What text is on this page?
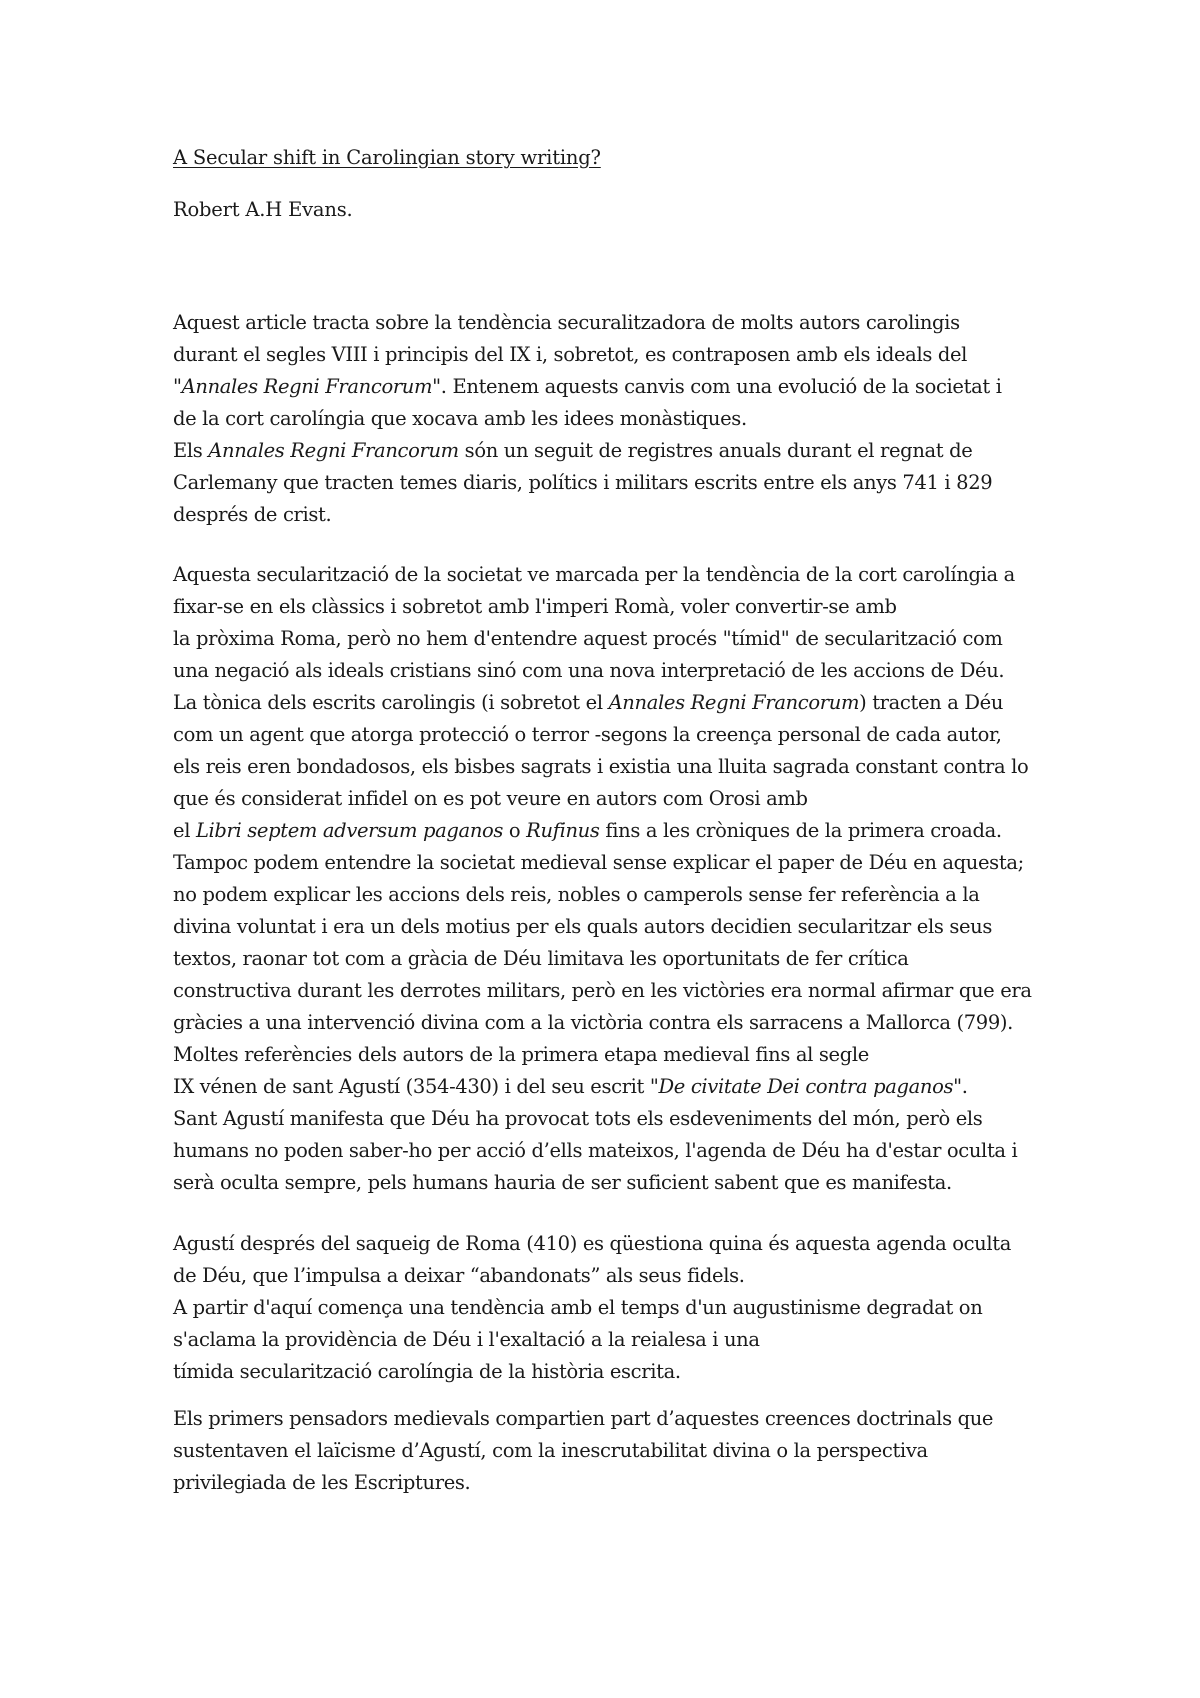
A Secular shift in Carolingian story writing?
Robert A.H Evans.
Aquest article tracta sobre la tendència securalitzadora de molts autors carolingis
durant el segles VIII i principis del IX i, sobretot, es contraposen amb els ideals del
"Annales Regni Francorum". Entenem aquests canvis com una evolució de la societat i
de la cort carolíngia que xocava amb les idees monàstiques.
Els Annales Regni Francorum són un seguit de registres anuals durant el regnat de
Carlemany que tracten temes diaris, polítics i militars escrits entre els anys 741 i 829
després de crist.
Aquesta secularització de la societat ve marcada per la tendència de la cort carolíngia a
fixar-se en els clàssics i sobretot amb l'imperi Romà, voler convertir-se amb
la pròxima Roma, però no hem d'entendre aquest procés "tímid" de secularització com
una negació als ideals cristians sinó com una nova interpretació de les accions de Déu.
La tònica dels escrits carolingis (i sobretot el Annales Regni Francorum) tracten a Déu
com un agent que atorga protecció o terror -segons la creença personal de cada autor,
els reis eren bondadosos, els bisbes sagrats i existia una lluita sagrada constant contra lo
que és considerat infidel on es pot veure en autors com Orosi amb
el Libri septem adversum paganos o Rufinus fins a les cròniques de la primera croada.
Tampoc podem entendre la societat medieval sense explicar el paper de Déu en aquesta;
no podem explicar les accions dels reis, nobles o camperols sense fer referència a la
divina voluntat i era un dels motius per els quals autors decidien secularitzar els seus
textos, raonar tot com a gràcia de Déu limitava les oportunitats de fer crítica
constructiva durant les derrotes militars, però en les victòries era normal afirmar que era
gràcies a una intervenció divina com a la victòria contra els sarracens a Mallorca (799).
Moltes referències dels autors de la primera etapa medieval fins al segle
IX vénen de sant Agustí (354-430) i del seu escrit "De civitate Dei contra paganos".
Sant Agustí manifesta que Déu ha provocat tots els esdeveniments del món, però els
humans no poden saber-ho per acció d’ells mateixos, l'agenda de Déu ha d'estar oculta i
serà oculta sempre, pels humans hauria de ser suficient sabent que es manifesta.
Agustí després del saqueig de Roma (410) es qüestiona quina és aquesta agenda oculta
de Déu, que l’impulsa a deixar “abandonats” als seus fidels.
A partir d'aquí comença una tendència amb el temps d'un augustinisme degradat on
s'aclama la providència de Déu i l'exaltació a la reialesa i una
tímida secularització carolíngia de la història escrita.
Els primers pensadors medievals compartien part d’aquestes creences doctrinals que
sustentaven el laïcisme d’Agustí, com la inescrutabilitat divina o la perspectiva
privilegiada de les Escriptures.
